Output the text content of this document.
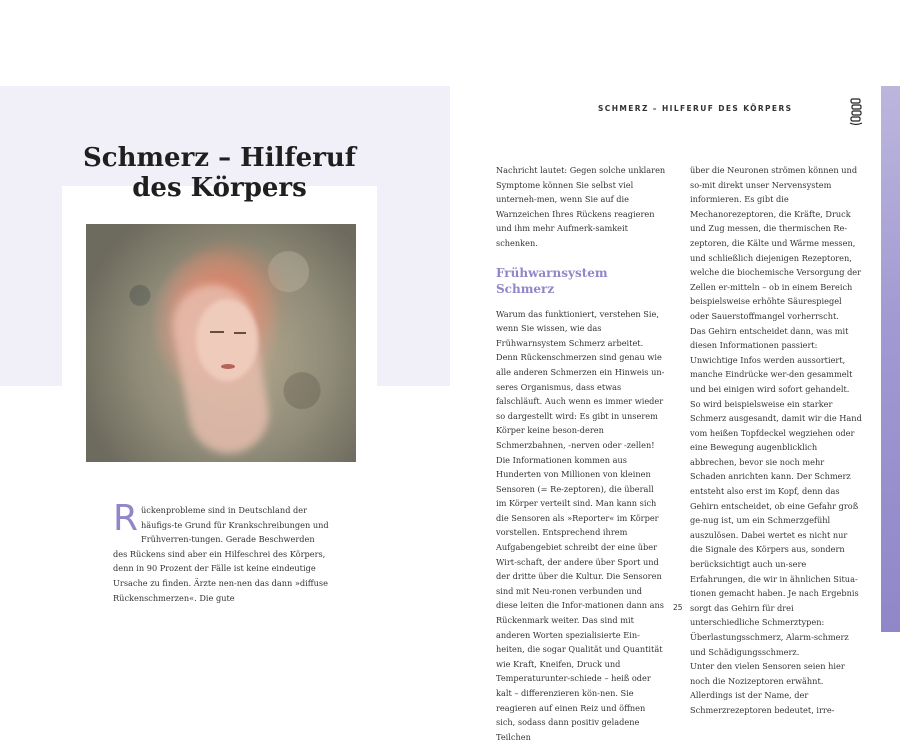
Schmerz – Hilferuf
des Körpers

R ückenprobleme sind in Deutschland der häufigs-te Grund für Krankschreibungen und Frühverren-tungen. Gerade Beschwerden des Rückens sind aber ein Hilfeschrei des Körpers, denn in 90 Prozent der Fälle ist keine eindeutige Ursache zu finden. Ärzte nen-nen das dann »diffuse Rückenschmerzen«. Die gute

SCHMERZ – HILFERUF DES KÖRPERS

Nachricht lautet: Gegen solche unklaren Symptome können Sie selbst viel unterneh-men, wenn Sie auf die Warnzeichen Ihres Rückens reagieren und ihm mehr Aufmerk-samkeit schenken.

Frühwarnsystem Schmerz

Warum das funktioniert, verstehen Sie, wenn Sie wissen, wie das Frühwarnsystem Schmerz arbeitet. Denn Rückenschmerzen sind genau wie alle anderen Schmerzen ein Hinweis un-seres Organismus, dass etwas falschläuft. Auch wenn es immer wieder so dargestellt wird: Es gibt in unserem Körper keine beson-deren Schmerzbahnen, -nerven oder -zellen! Die Informationen kommen aus Hunderten von Millionen von kleinen Sensoren (= Re-zeptoren), die überall im Körper verteilt sind. Man kann sich die Sensoren als »Reporter« im Körper vorstellen. Entsprechend ihrem Aufgabengebiet schreibt der eine über Wirt-schaft, der andere über Sport und der dritte über die Kultur. Die Sensoren sind mit Neu-ronen verbunden und diese leiten die Infor-mationen dann ans Rückenmark weiter. Das sind mit anderen Worten spezialisierte Ein-heiten, die sogar Qualität und Quantität wie Kraft, Kneifen, Druck und Temperaturunter-schiede – heiß oder kalt – differenzieren kön-nen. Sie reagieren auf einen Reiz und öffnen sich, sodass dann positiv geladene Teilchen

über die Neuronen strömen können und so-mit direkt unser Nervensystem informieren. Es gibt die Mechanorezeptoren, die Kräfte, Druck und Zug messen, die thermischen Re-zeptoren, die Kälte und Wärme messen, und schließlich diejenigen Rezeptoren, welche die biochemische Versorgung der Zellen er-mitteln – ob in einem Bereich beispielsweise erhöhte Säurespiegel oder Sauerstoffmangel vorherrscht.

Das Gehirn entscheidet dann, was mit diesen Informationen passiert: Unwichtige Infos werden aussortiert, manche Eindrücke wer-den gesammelt und bei einigen wird sofort gehandelt. So wird beispielsweise ein starker Schmerz ausgesandt, damit wir die Hand vom heißen Topfdeckel wegziehen oder eine Bewegung augenblicklich abbrechen, bevor sie noch mehr Schaden anrichten kann. Der Schmerz entsteht also erst im Kopf, denn das Gehirn entscheidet, ob eine Gefahr groß ge-nug ist, um ein Schmerzgefühl auszulösen. Dabei wertet es nicht nur die Signale des Körpers aus, sondern berücksichtigt auch un-sere Erfahrungen, die wir in ähnlichen Situa-tionen gemacht haben. Je nach Ergebnis sorgt das Gehirn für drei unterschiedliche Schmerztypen: Überlastungsschmerz, Alarm-schmerz und Schädigungsschmerz.

Unter den vielen Sensoren seien hier noch die Nozizeptoren erwähnt. Allerdings ist der Name, der Schmerzrezeptoren bedeutet, irre-

25
